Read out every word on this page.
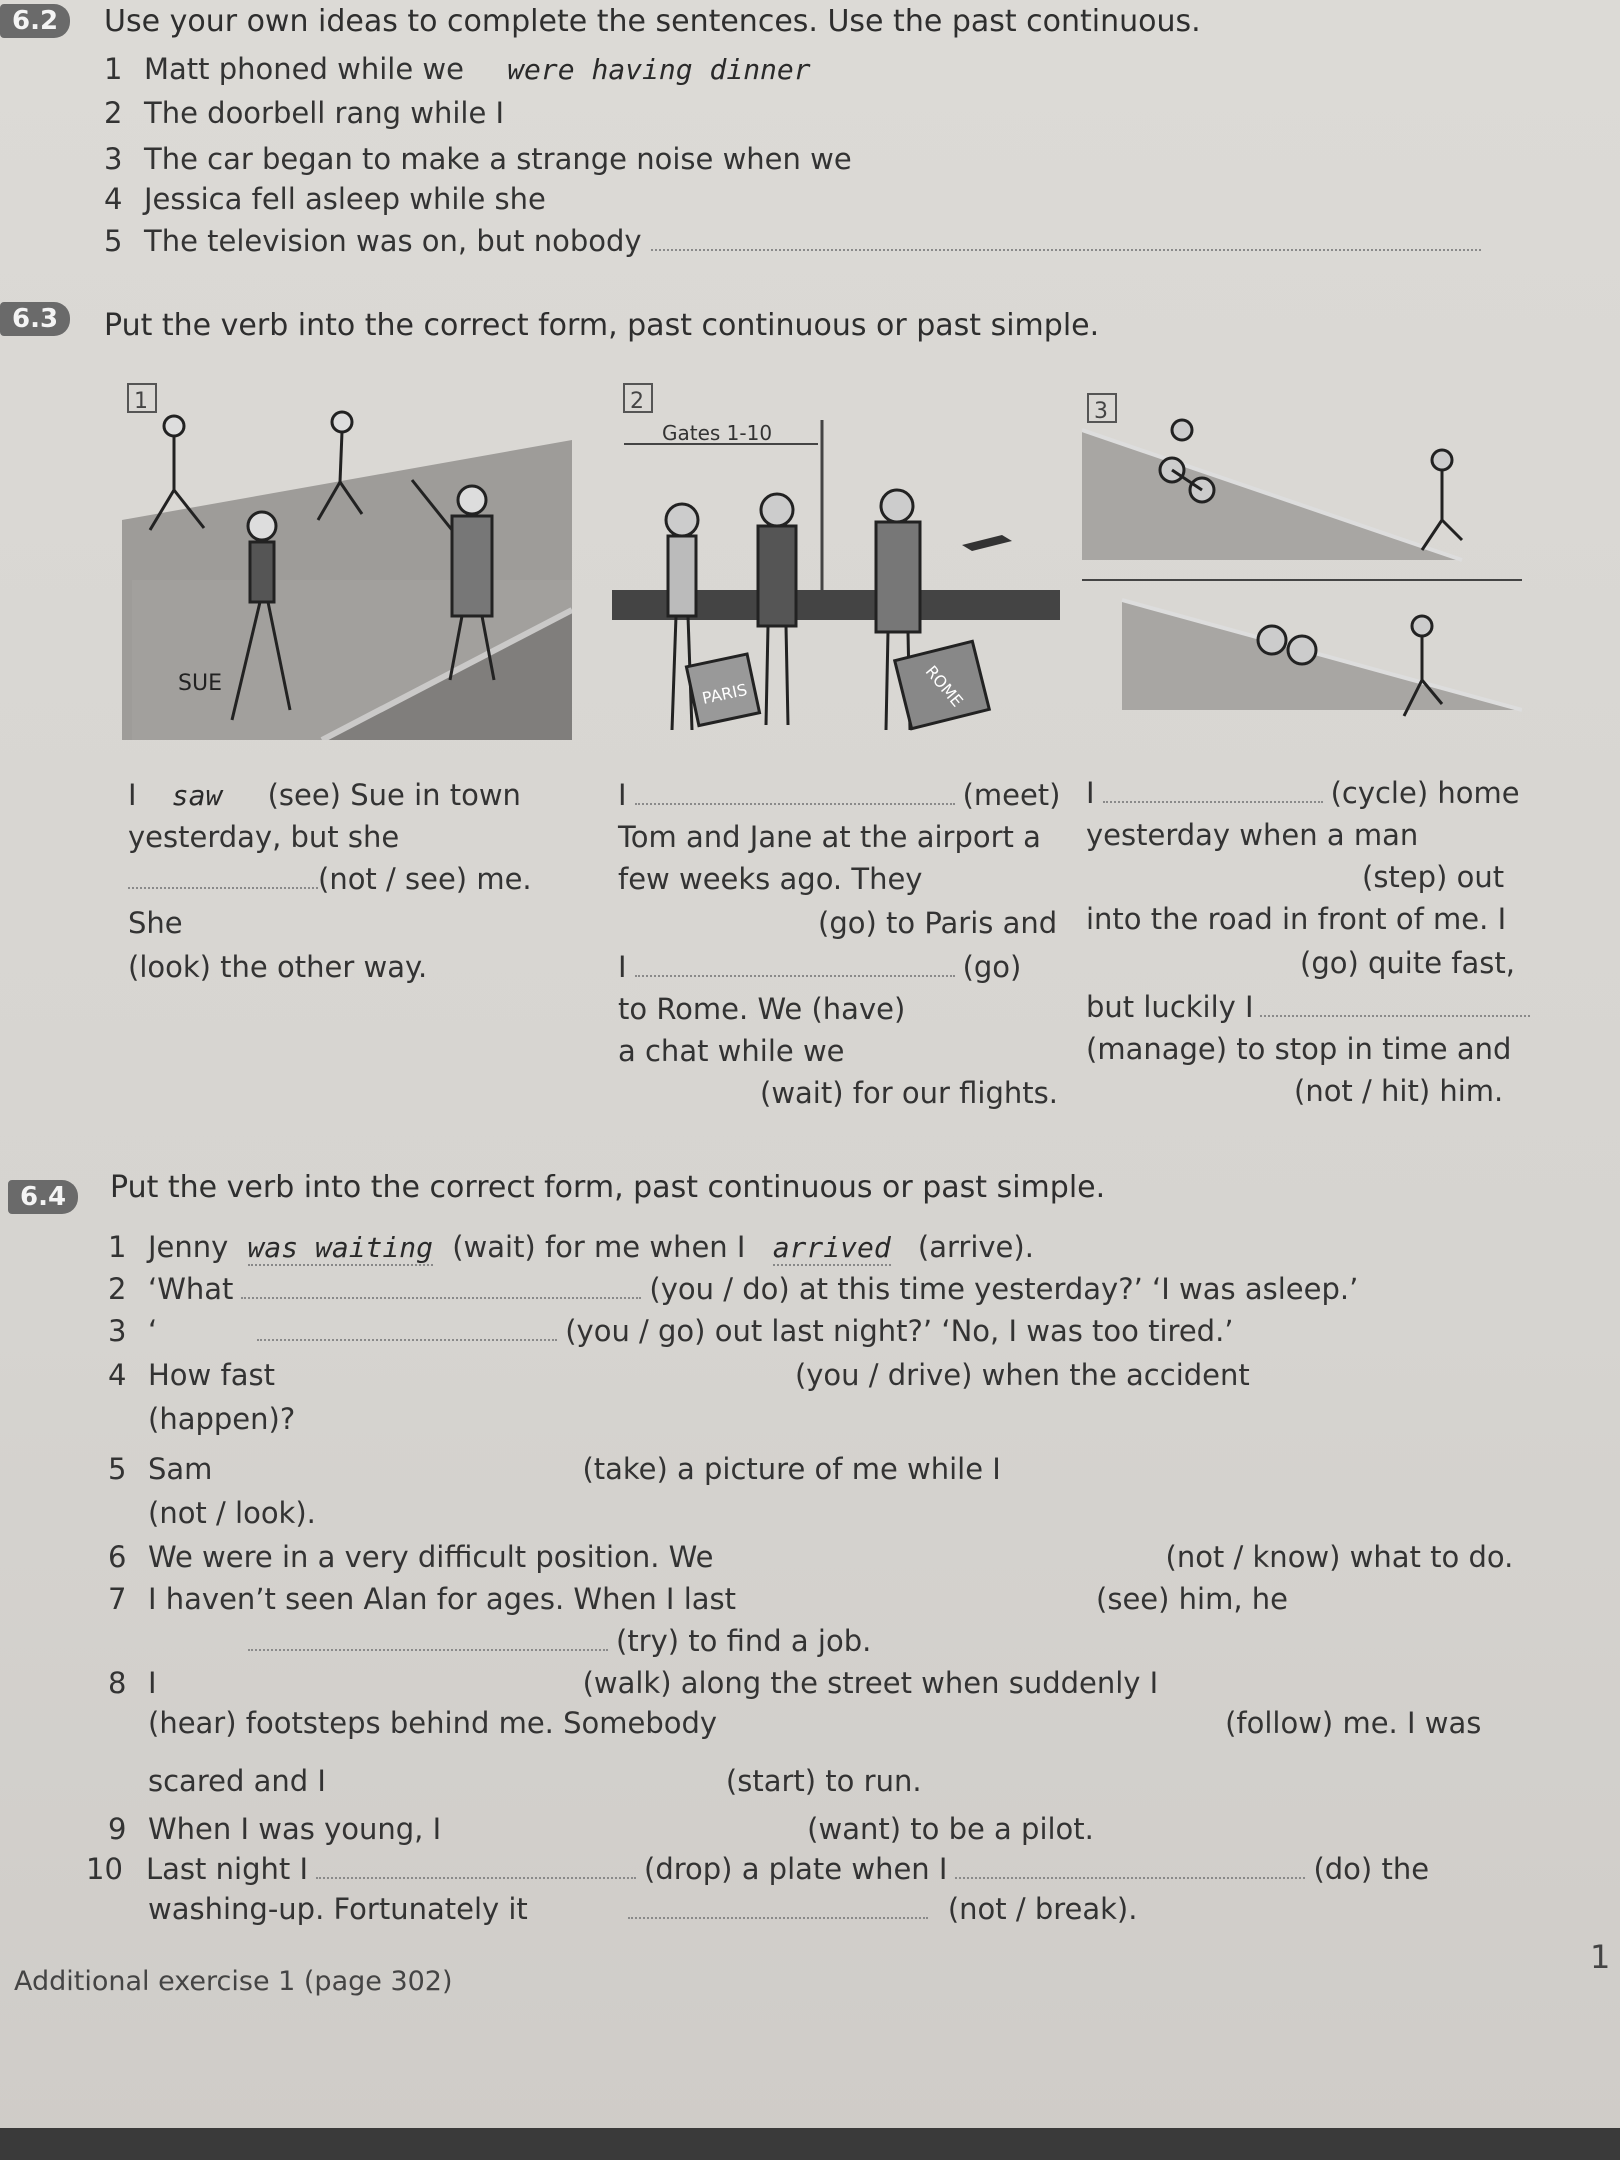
6.2	Use your own ideas to complete the sentences. Use the past continuous.
1 Matt phoned while we were having dinner
2 The doorbell rang while I
3 The car began to make a strange noise when we
4 Jessica fell asleep while she
5 The television was on, but nobody
6.3	Put the verb into the correct form, past continuous or past simple.
1
SUE
Gates 1-10
2
PARIS	ROME
3
I saw (see) Sue in town
yesterday, but she
(not / see) me.
She
(look) the other way.
I	(meet)
Tom and Jane at the airport a
few weeks ago. They
(go) to Paris and
I	(go)
to Rome. We (have)
a chat while we
(wait) for our flights.
I	(cycle) home
yesterday when a man
(step) out
into the road in front of me. I
(go) quite fast,
but luckily I
(manage) to stop in time and
(not / hit) him.
6.4	Put the verb into the correct form, past continuous or past simple.
1 Jenny was waiting (wait) for me when I arrived (arrive).
2 ‘What	(you / do) at this time yesterday?’ ‘I was asleep.’
3 ‘	(you / go) out last night?’ ‘No, I was too tired.’
4 How fast	(you / drive) when the accident
(happen)?
5 Sam	(take) a picture of me while I
(not / look).
6 We were in a very difficult position. We	(not / know) what to do.
7 I haven’t seen Alan for ages. When I last	(see) him, he
(try) to find a job.
8 I	(walk) along the street when suddenly I
(hear) footsteps behind me. Somebody	(follow) me. I was
scared and I	(start) to run.
9 When I was young, I	(want) to be a pilot.
10 Last night I	(drop) a plate when I	(do) the
washing-up. Fortunately it	(not / break).
Additional exercise 1 (page 302)
1
